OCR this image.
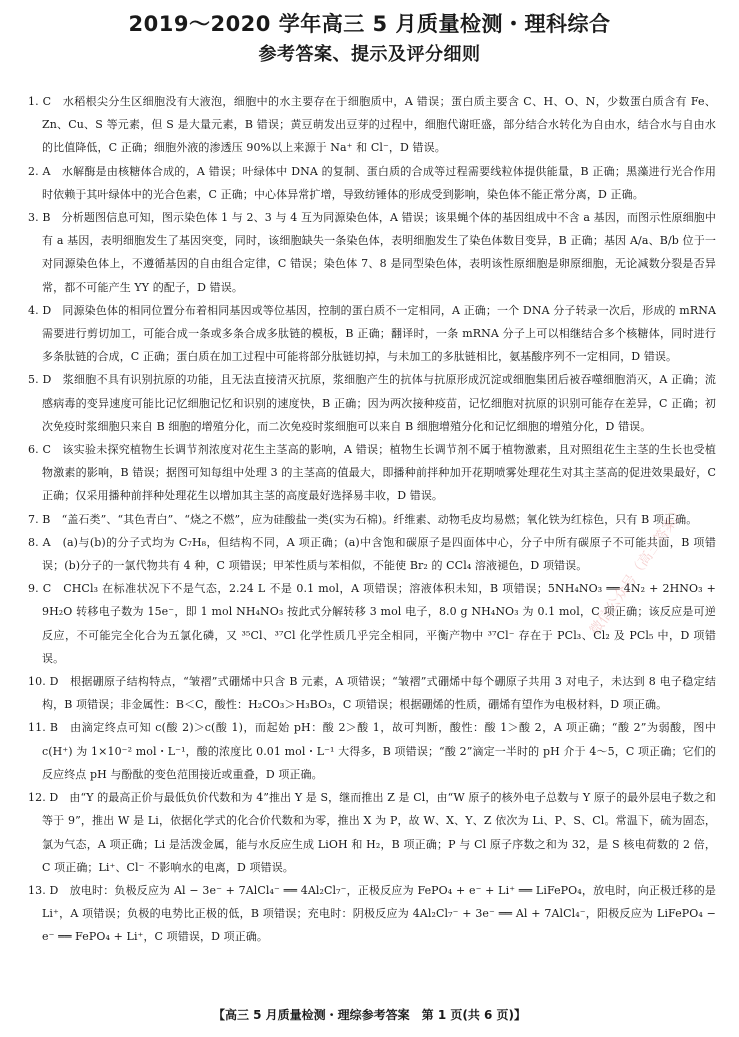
2019～2020 学年高三 5 月质量检测・理科综合
参考答案、提示及评分细则
1. C　 水稻根尖分生区细胞没有大液泡，细胞中的水主要存在于细胞质中，A 错误；蛋白质主要含 C、H、O、N，少数蛋白质含有 Fe、Zn、Cu、S 等元素，但 S 是大量元素，B 错误；黄豆萌发出豆芽的过程中，细胞代谢旺盛，部分结合水转化为自由水，结合水与自由水的比值降低，C 正确；细胞外液的渗透压 90%以上来源于 Na⁺ 和 Cl⁻，D 错误。
2. A　 水解酶是由核糖体合成的，A 错误；叶绿体中 DNA 的复制、蛋白质的合成等过程需要线粒体提供能量，B 正确；黑藻进行光合作用时依赖于其叶绿体中的光合色素，C 正确；中心体异常扩增，导致纺锤体的形成受到影响，染色体不能正常分离，D 正确。
3. B　 分析题图信息可知，图示染色体 1 与 2、3 与 4 互为同源染色体，A 错误；该果蝇个体的基因组成中不含 a 基因，而图示性原细胞中有 a 基因，表明细胞发生了基因突变，同时，该细胞缺失一条染色体，表明细胞发生了染色体数目变异，B 正确；基因 A/a、B/b 位于一对同源染色体上，不遵循基因的自由组合定律，C 错误；染色体 7、8 是同型染色体，表明该性原细胞是卵原细胞，无论减数分裂是否异常，都不可能产生 YY 的配子，D 错误。
4. D　 同源染色体的相同位置分布着相同基因或等位基因，控制的蛋白质不一定相同，A 正确；一个 DNA 分子转录一次后，形成的 mRNA 需要进行剪切加工，可能合成一条或多条合成多肽链的模板，B 正确；翻译时，一条 mRNA 分子上可以相继结合多个核糖体，同时进行多条肽链的合成，C 正确；蛋白质在加工过程中可能将部分肽链切掉，与未加工的多肽链相比，氨基酸序列不一定相同，D 错误。
5. D　 浆细胞不具有识别抗原的功能，且无法直接清灭抗原，浆细胞产生的抗体与抗原形成沉淀或细胞集团后被吞噬细胞消灭，A 正确；流感病毒的变异速度可能比记忆细胞记忆和识别的速度快，B 正确；因为两次接种疫苗，记忆细胞对抗原的识别可能存在差异，C 正确；初次免疫时浆细胞只来自 B 细胞的增殖分化，而二次免疫时浆细胞可以来自 B 细胞增殖分化和记忆细胞的增殖分化，D 错误。
6. C　 该实验未探究植物生长调节剂浓度对花生主茎高的影响，A 错误；植物生长调节剂不属于植物激素，且对照组花生主茎的生长也受植物激素的影响，B 错误；据图可知每组中处理 3 的主茎高的值最大，即播种前拌种加开花期喷雾处理花生对其主茎高的促进效果最好，C 正确；仅采用播种前拌种处理花生以增加其主茎的高度最好选择易丰收，D 错误。
7. B　 “盖石类”、“其色青白”、“烧之不燃”，应为硅酸盐一类(实为石棉)。纤维素、动物毛皮均易燃；氧化铁为红棕色，只有 B 项正确。
8. A　 (a)与(b)的分子式均为 C₇H₈，但结构不同，A 项正确；(a)中含饱和碳原子是四面体中心，分子中所有碳原子不可能共面，B 项错误；(b)分子的一氯代物共有 4 种，C 项错误；甲苯性质与苯相似，不能使 Br₂ 的 CCl₄ 溶液褪色，D 项错误。
9. C　 CHCl₃ 在标准状况下不是气态，2.24 L 不是 0.1 mol，A 项错误；溶液体积未知，B 项错误；5NH₄NO₃ ══ 4N₂ + 2HNO₃ + 9H₂O 转移电子数为 15e⁻，即 1 mol NH₄NO₃ 按此式分解转移 3 mol 电子，8.0 g NH₄NO₃ 为 0.1 mol，C 项正确；该反应是可逆反应，不可能完全化合为五氯化磷，又 ³⁵Cl、³⁷Cl 化学性质几乎完全相同，平衡产物中 ³⁷Cl⁻ 存在于 PCl₃、Cl₂ 及 PCl₅ 中，D 项错误。
10. D　 根据硼原子结构特点，“皱褶”式硼烯中只含 B 元素，A 项错误；“皱褶”式硼烯中每个硼原子共用 3 对电子，未达到 8 电子稳定结构，B 项错误；非金属性：B＜C，酸性：H₂CO₃＞H₃BO₃，C 项错误；根据硼烯的性质，硼烯有望作为电极材料，D 项正确。
11. B　 由滴定终点可知 c(酸 2)＞c(酸 1)，而起始 pH：酸 2＞酸 1，故可判断，酸性：酸 1＞酸 2，A 项正确；“酸 2”为弱酸，图中 c(H⁺) 为 1×10⁻² mol・L⁻¹，酸的浓度比 0.01 mol・L⁻¹ 大得多，B 项错误；“酸 2”滴定一半时的 pH 介于 4～5，C 项正确；它们的反应终点 pH 与酚酞的变色范围接近或重叠，D 项正确。
12. D　 由“Y 的最高正价与最低负价代数和为 4”推出 Y 是 S，继而推出 Z 是 Cl，由“W 原子的核外电子总数与 Y 原子的最外层电子数之和等于 9”，推出 W 是 Li，依据化学式的化合价代数和为零，推出 X 为 P，故 W、X、Y、Z 依次为 Li、P、S、Cl。常温下，硫为固态，氯为气态，A 项正确；Li 是活泼金属，能与水反应生成 LiOH 和 H₂，B 项正确；P 与 Cl 原子序数之和为 32，是 S 核电荷数的 2 倍，C 项正确；Li⁺、Cl⁻ 不影响水的电离，D 项错误。
13. D　 放电时：负极反应为 Al − 3e⁻ + 7AlCl₄⁻ ══ 4Al₂Cl₇⁻，正极反应为 FePO₄ + e⁻ + Li⁺ ══ LiFePO₄，放电时，向正极迁移的是 Li⁺，A 项错误；负极的电势比正极的低，B 项错误；充电时：阴极反应为 4Al₂Cl₇⁻ + 3e⁻ ══ Al + 7AlCl₄⁻，阳极反应为 LiFePO₄ − e⁻ ══ FePO₄ + Li⁺，C 项错误，D 项正确。
微信公众号（高三答案）
【高三 5 月质量检测・理综参考答案　第 1 页(共 6 页)】
